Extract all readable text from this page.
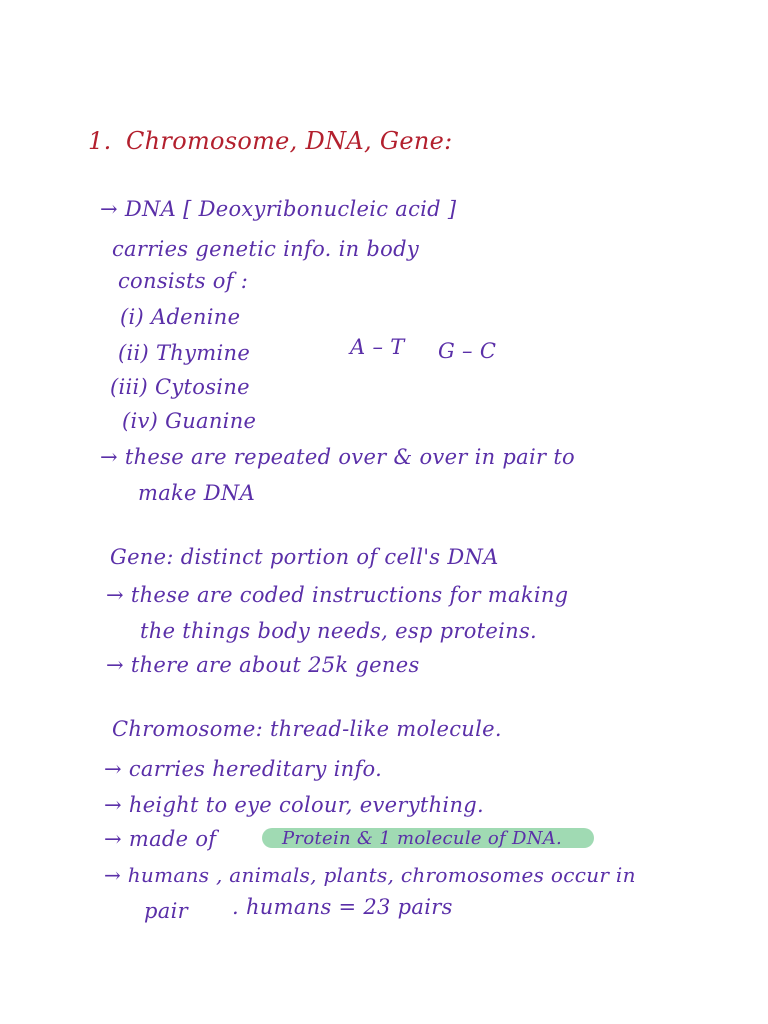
1. Chromosome, DNA, Gene:
→ DNA [ Deoxyribonucleic acid ]
carries genetic info. in body
consists of :
(i) Adenine
(ii) Thymine	A – T G – C
(iii) Cytosine
(iv) Guanine
→ these are repeated over & over in pair to
make DNA
Gene: distinct portion of cell's DNA
→ these are coded instructions for making
the things body needs, esp proteins.
→ there are about 25k genes
Chromosome: thread-like molecule.
→ carries hereditary info.
→ height to eye colour, everything.
→ made of	Protein & 1 molecule of DNA.
→ humans , animals, plants, chromosomes occur in
pair . humans = 23 pairs
